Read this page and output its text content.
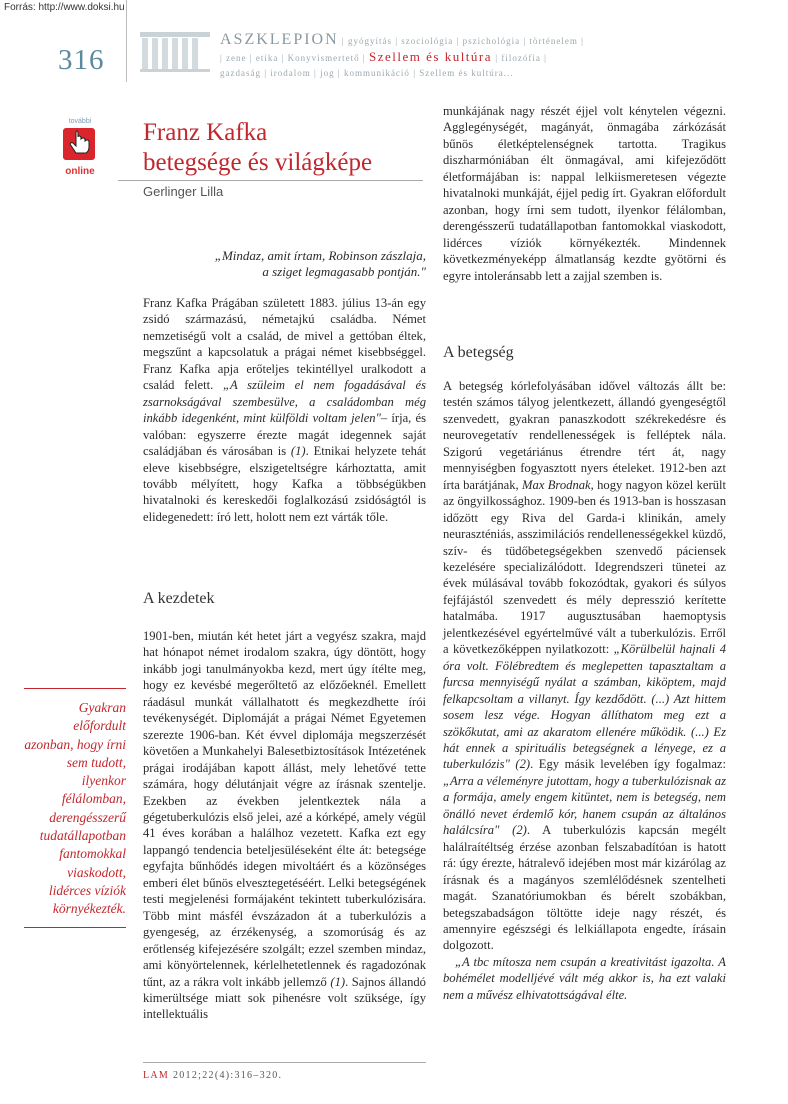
Forrás: http://www.doksi.hu
316
ASZKLEPION | gyógyítás | szociológia | pszichológia | történelem |
| zene | etika | Konyvismertető | Szellem és kultúra | filozófia |
gazdaság | irodalom | jog | kommunikáció | Szellem és kultúra...
további
online
Franz Kafka
betegsége és világképe
Gerlinger Lilla
„Mindaz, amit írtam, Robinson zászlaja,
a sziget legmagasabb pontján."

Franz Kafka Prágában született 1883. július 13-án egy zsidó származású, németajkú családba. Német nemzetiségű volt a család, de mivel a gettóban éltek, megszűnt a kapcsolatuk a prágai német kisebbséggel. Franz Kafka apja erőteljes tekintéllyel uralkodott a család felett. „A szüleim el nem fogadásával és zsarnokságával szembesülve, a családomban még inkább idegenként, mint külföldi voltam jelen"– írja, és valóban: egyszerre érezte magát idegennek saját családjában és városában is (1). Etnikai helyzete tehát eleve kisebbségre, elszigeteltségre kárhoztatta, amit tovább mélyített, hogy Kafka a többségükben hivatalnoki és kereskedői foglalkozású zsidóságtól is elidegenedett: író lett, holott nem ezt várták tőle.

A kezdetek

1901-ben, miután két hetet járt a vegyész szakra, majd hat hónapot német irodalom szakra, úgy döntött, hogy inkább jogi tanulmányokba kezd, mert úgy ítélte meg, hogy ez kevésbé megerőltető az előzőeknél. Emellett ráadásul munkát vállalhatott és megkezdhette írói tevékenységét. Diplomáját a prágai Német Egyetemen szerezte 1906-ban. Két évvel diplomája megszerzését követően a Munkahelyi Balesetbiztosítások Intézetének prágai irodájában kapott állást, mely lehetővé tette számára, hogy délutánjait végre az írásnak szentelje. Ezekben az években jelentkeztek nála a gégetuberkulózis első jelei, azé a kórképé, amely végül 41 éves korában a halálhoz vezetett. Kafka ezt egy lappangó tendencia beteljesüléseként élte át: betegsége egyfajta bűnhődés idegen mivoltáért és a közönséges emberi élet bűnös elvesztegetéséért. Lelki betegségének testi megjelenési formájaként tekintett tuberkulózisára. Több mint másfél évszázadon át a tuberkulózis a gyengeség, az érzékenység, a szomorúság és az erőtlenség kifejezésére szolgált; ezzel szemben mindaz, ami könyörtelennek, kérlelhetetlennek és ragadozónak tűnt, az a rákra volt inkább jellemző (1). Sajnos állandó kimerültsége miatt sok pihenésre volt szüksége, így intellektuális

munkájának nagy részét éjjel volt kénytelen végezni. Agglegénységét, magányát, önmagába zárkózását bűnös életképtelenségnek tartotta. Tragikus diszharmóniában élt önmagával, ami kifejeződött életformájában is: nappal lelkiismeretesen végezte hivatalnoki munkáját, éjjel pedig írt. Gyakran előfordult azonban, hogy írni sem tudott, ilyenkor félálomban, derengésszerű tudatállapotban fantomokkal viaskodott, lidérces víziók környékezték. Mindennek következményeképp álmatlanság kezdte gyötörni és egyre intoleránsabb lett a zajjal szemben is.

A betegség

A betegség kórlefolyásában idővel változás állt be: testén számos tályog jelentkezett, állandó gyengeségtől szenvedett, gyakran panaszkodott székrekedésre és neurovegetatív rendellenességek is felléptek nála. Szigorú vegetáriánus étrendre tért át, nagy mennyiségben fogyasztott nyers ételeket. 1912-ben azt írta barátjának, Max Brodnak, hogy nagyon közel került az öngyilkossághoz. 1909-ben és 1913-ban is hosszasan időzött egy Riva del Garda-i klinikán, amely neuraszténiás, asszimilációs rendellenességekkel küzdő, szív- és tüdőbetegségekben szenvedő páciensek kezelésére specializálódott. Idegrendszeri tünetei az évek múlásával tovább fokozódtak, gyakori és súlyos fejfájástól szenvedett és mély depresszió kerítette hatalmába. 1917 augusztusában haemoptysis jelentkezésével egyértelművé vált a tuberkulózis. Erről a következőképpen nyilatkozott: „Körülbelül hajnali 4 óra volt. Fölébredtem és meglepetten tapasztaltam a furcsa mennyiségű nyálat a számban, kiköptem, majd felkapcsoltam a villanyt. Így kezdődött. (...) Azt hittem sosem lesz vége. Hogyan állíthatom meg ezt a szökőkutat, ami az akaratom ellenére működik. (...) Ez hát ennek a spirituális betegségnek a lényege, ez a tuberkulózis" (2). Egy másik levelében így fogalmaz: „Arra a véleményre jutottam, hogy a tuberkulózisnak az a formája, amely engem kitüntet, nem is betegség, nem önálló nevet érdemlő kór, hanem csupán az általános halálcsíra" (2). A tuberkulózis kapcsán megélt halálraítéltség érzése azonban felszabadítóan is hatott rá: úgy érezte, hátralevő idejében most már kizárólag az írásnak és a magányos szemlélődésnek szentelheti magát. Szanatóriumokban és bérelt szobákban, betegszabadságon töltötte ideje nagy részét, és amennyire egészségi és lelkiállapota engedte, írásain dolgozott.

„A tbc mítosza nem csupán a kreativitást igazolta. A bohémélet modelljévé vált még akkor is, ha ezt valaki nem a művész elhivatottságával élte.

Gyakran előfordult azonban, hogy írni sem tudott, ilyenkor félálomban, derengésszerű tudatállapotban fantomokkal viaskodott, lidérces víziók környékezték.
LAM 2012;22(4):316–320.
